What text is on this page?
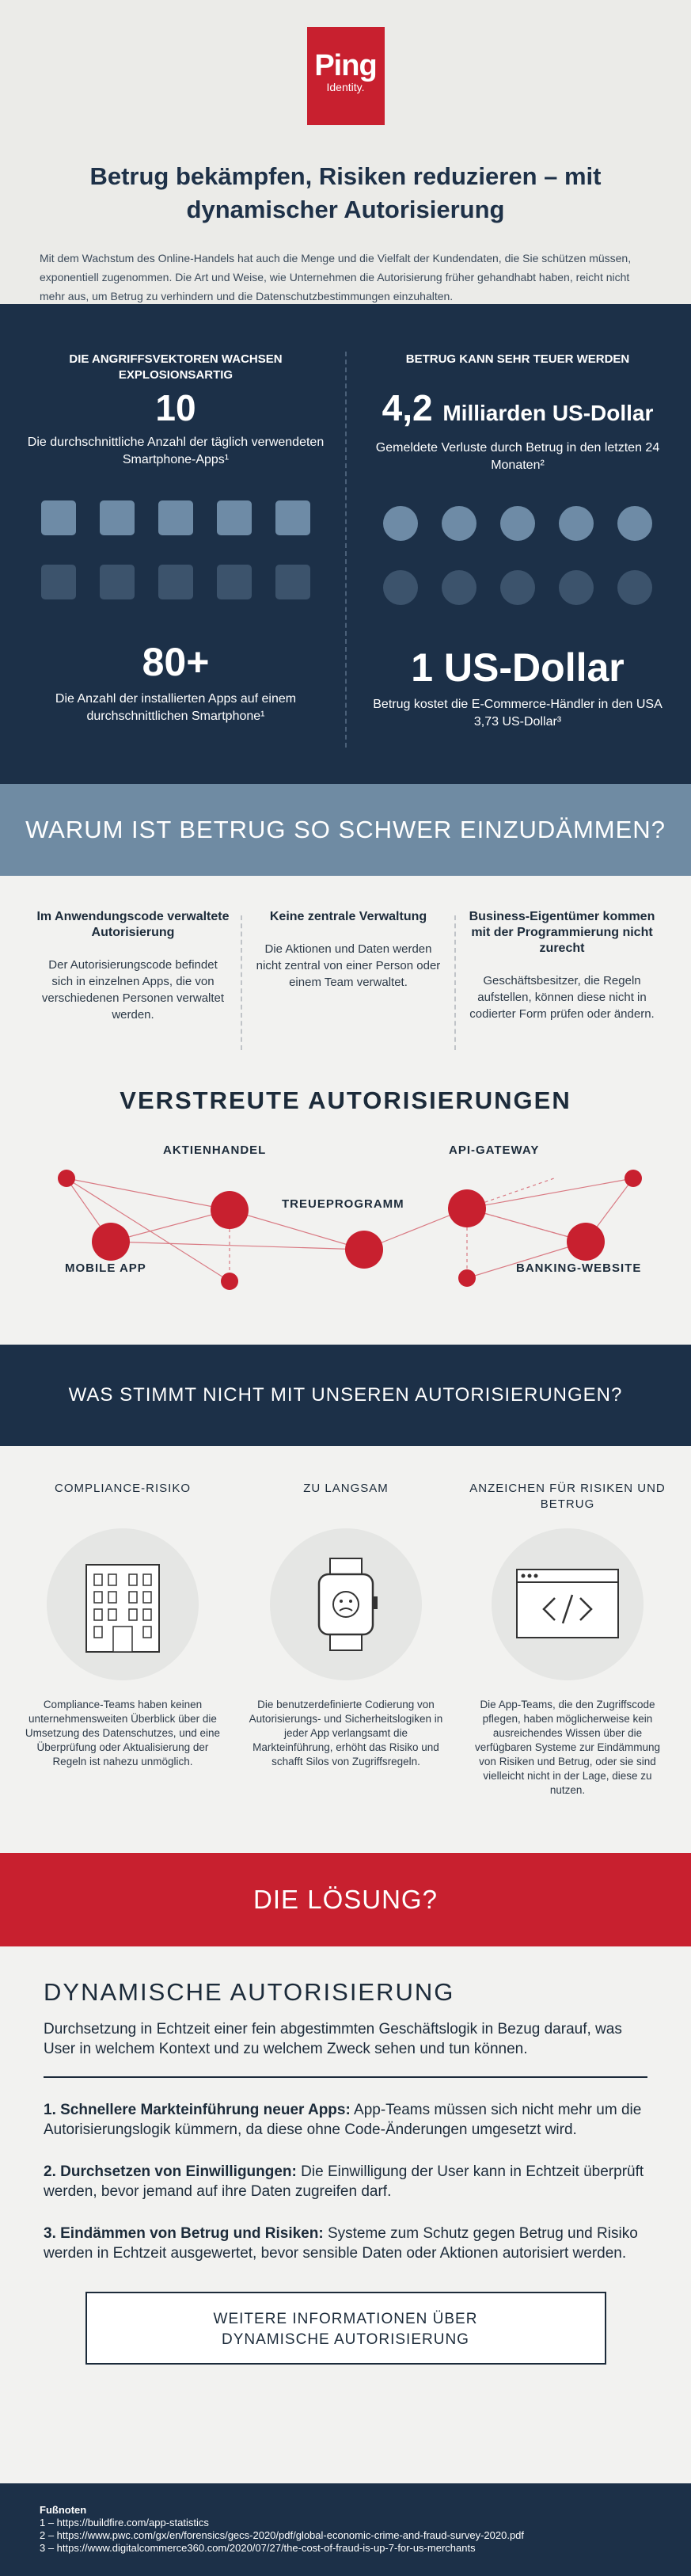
Ping
Identity.
Betrug bekämpfen, Risiken reduzieren – mit dynamischer Autorisierung

Mit dem Wachstum des Online-Handels hat auch die Menge und die Vielfalt der Kundendaten, die Sie schützen müssen, exponentiell zugenommen. Die Art und Weise, wie Unternehmen die Autorisierung früher gehandhabt haben, reicht nicht mehr aus, um Betrug zu verhindern und die Datenschutzbestimmungen einzuhalten.

DIE ANGRIFFSVEKTOREN WACHSEN EXPLOSIONSARTIG
10
Die durchschnittliche Anzahl der täglich verwendeten Smartphone-Apps¹
80+
Die Anzahl der installierten Apps auf einem durchschnittlichen Smartphone¹
BETRUG KANN SEHR TEUER WERDEN
4,2 Milliarden US-Dollar
Gemeldete Verluste durch Betrug in den letzten 24 Monaten²
1 US-Dollar
Betrug kostet die E-Commerce-Händler in den USA 3,73 US-Dollar³
WARUM IST BETRUG SO SCHWER EINZUDÄMMEN?
Im Anwendungscode verwaltete Autorisierung

Der Autorisierungscode befindet sich in einzelnen Apps, die von verschiedenen Personen verwaltet werden.

Keine zentrale Verwaltung

Die Aktionen und Daten werden nicht zentral von einer Person oder einem Team verwaltet.

Business-Eigentümer kommen mit der Programmierung nicht zurecht

Geschäftsbesitzer, die Regeln aufstellen, können diese nicht in codierter Form prüfen oder ändern.

VERSTREUTE AUTORISIERUNGEN
AKTIENHANDEL	API-GATEWAY
TREUEPROGRAMM
MOBILE APP	BANKING-WEBSITE
WAS STIMMT NICHT MIT UNSEREN AUTORISIERUNGEN?
COMPLIANCE-RISIKO

Compliance-Teams haben keinen unternehmensweiten Überblick über die Umsetzung des Datenschutzes, und eine Überprüfung oder Aktualisierung der Regeln ist nahezu unmöglich.

ZU LANGSAM

Die benutzerdefinierte Codierung von Autorisierungs- und Sicherheitslogiken in jeder App verlangsamt die Markteinführung, erhöht das Risiko und schafft Silos von Zugriffsregeln.

ANZEICHEN FÜR RISIKEN UND BETRUG

Die App-Teams, die den Zugriffscode pflegen, haben möglicherweise kein ausreichendes Wissen über die verfügbaren Systeme zur Eindämmung von Risiken und Betrug, oder sie sind vielleicht nicht in der Lage, diese zu nutzen.

DIE LÖSUNG?
DYNAMISCHE AUTORISIERUNG

Durchsetzung in Echtzeit einer fein abgestimmten Geschäftslogik in Bezug darauf, was User in welchem Kontext und zu welchem Zweck sehen und tun können.

1. Schnellere Markteinführung neuer Apps: App-Teams müssen sich nicht mehr um die Autorisierungslogik kümmern, da diese ohne Code-Änderungen umgesetzt wird.

2. Durchsetzen von Einwilligungen: Die Einwilligung der User kann in Echtzeit überprüft werden, bevor jemand auf ihre Daten zugreifen darf.

3. Eindämmen von Betrug und Risiken: Systeme zum Schutz gegen Betrug und Risiko werden in Echtzeit ausgewertet, bevor sensible Daten oder Aktionen autorisiert werden.

WEITERE INFORMATIONEN ÜBER
DYNAMISCHE AUTORISIERUNG
Fußnoten
1 – https://buildfire.com/app-statistics
2 – https://www.pwc.com/gx/en/forensics/gecs-2020/pdf/global-economic-crime-and-fraud-survey-2020.pdf
3 – https://www.digitalcommerce360.com/2020/07/27/the-cost-of-fraud-is-up-7-for-us-merchants
